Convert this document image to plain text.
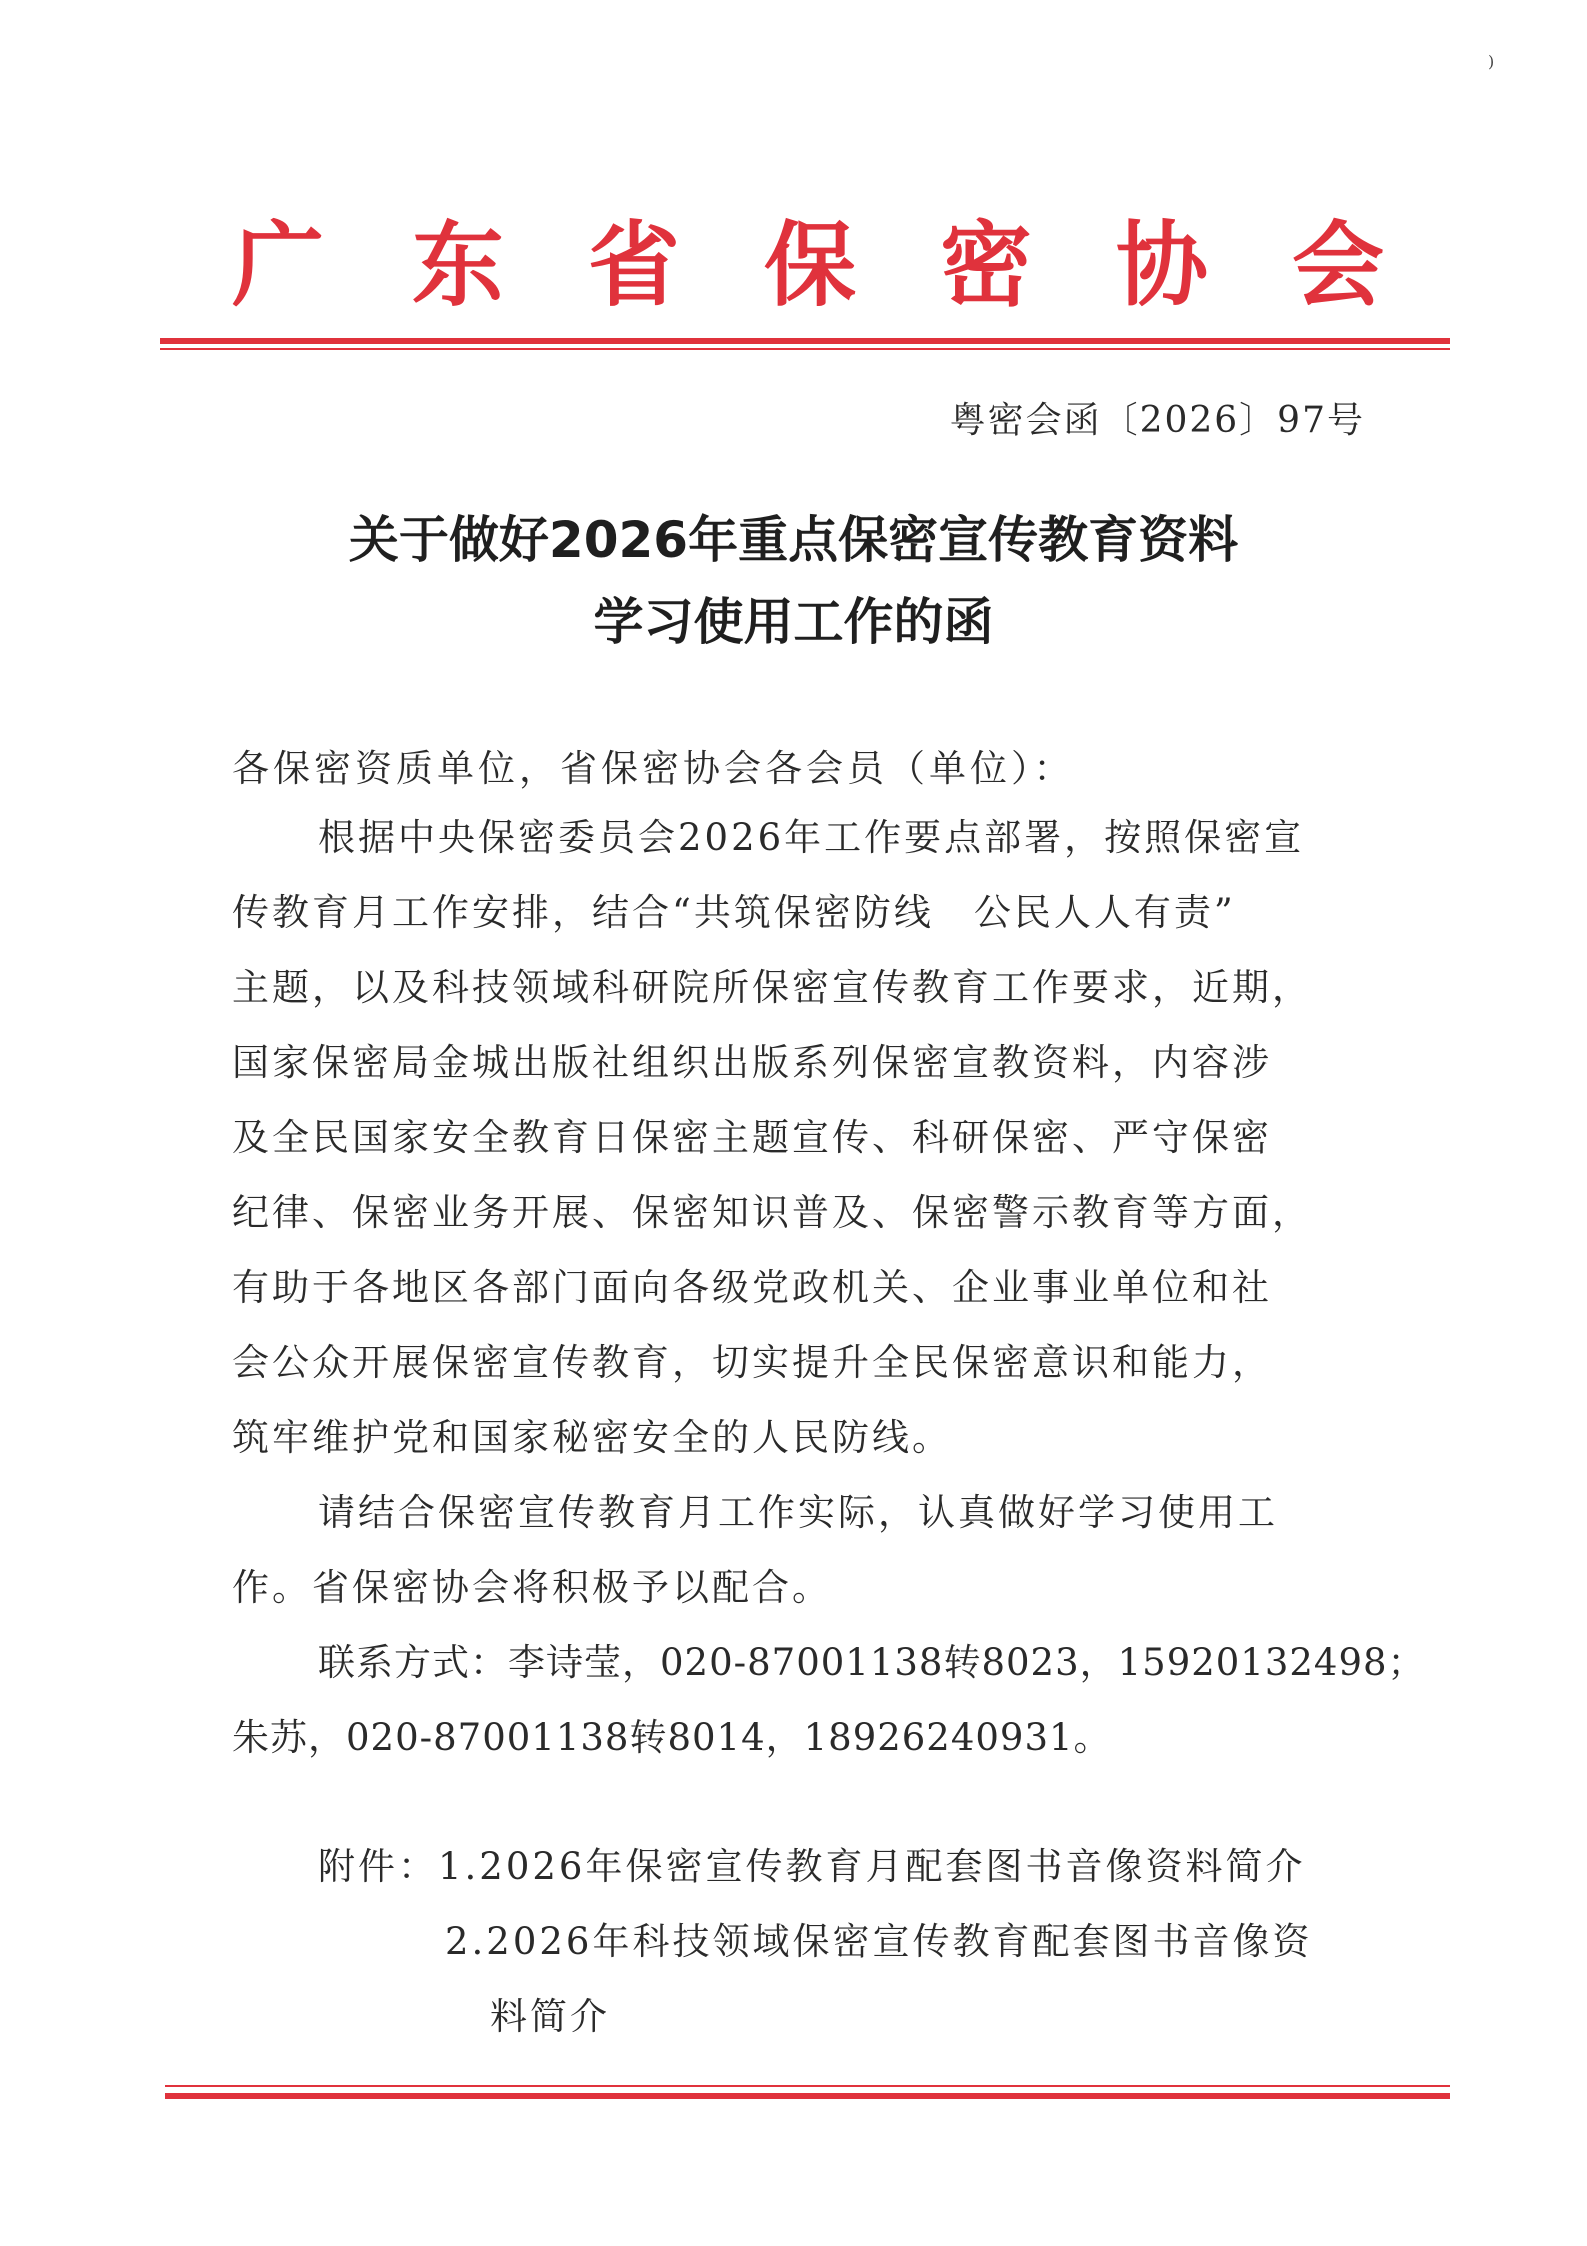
)
广 东 省 保 密 协 会
粤密会函〔2026〕97号
关于做好2026年重点保密宣传教育资料
学习使用工作的函
各保密资质单位，省保密协会各会员（单位）：
根据中央保密委员会2026年工作要点部署，按照保密宣
传教育月工作安排，结合“共筑保密防线　公民人人有责”
主题，以及科技领域科研院所保密宣传教育工作要求，近期，
国家保密局金城出版社组织出版系列保密宣教资料，内容涉
及全民国家安全教育日保密主题宣传、科研保密、严守保密
纪律、保密业务开展、保密知识普及、保密警示教育等方面，
有助于各地区各部门面向各级党政机关、企业事业单位和社
会公众开展保密宣传教育，切实提升全民保密意识和能力，
筑牢维护党和国家秘密安全的人民防线。
请结合保密宣传教育月工作实际，认真做好学习使用工
作。省保密协会将积极予以配合。
联系方式：李诗莹，020-87001138转8023，15920132498；
朱苏，020-87001138转8014，18926240931。
附件：1.2026年保密宣传教育月配套图书音像资料简介
2.2026年科技领域保密宣传教育配套图书音像资
料简介
